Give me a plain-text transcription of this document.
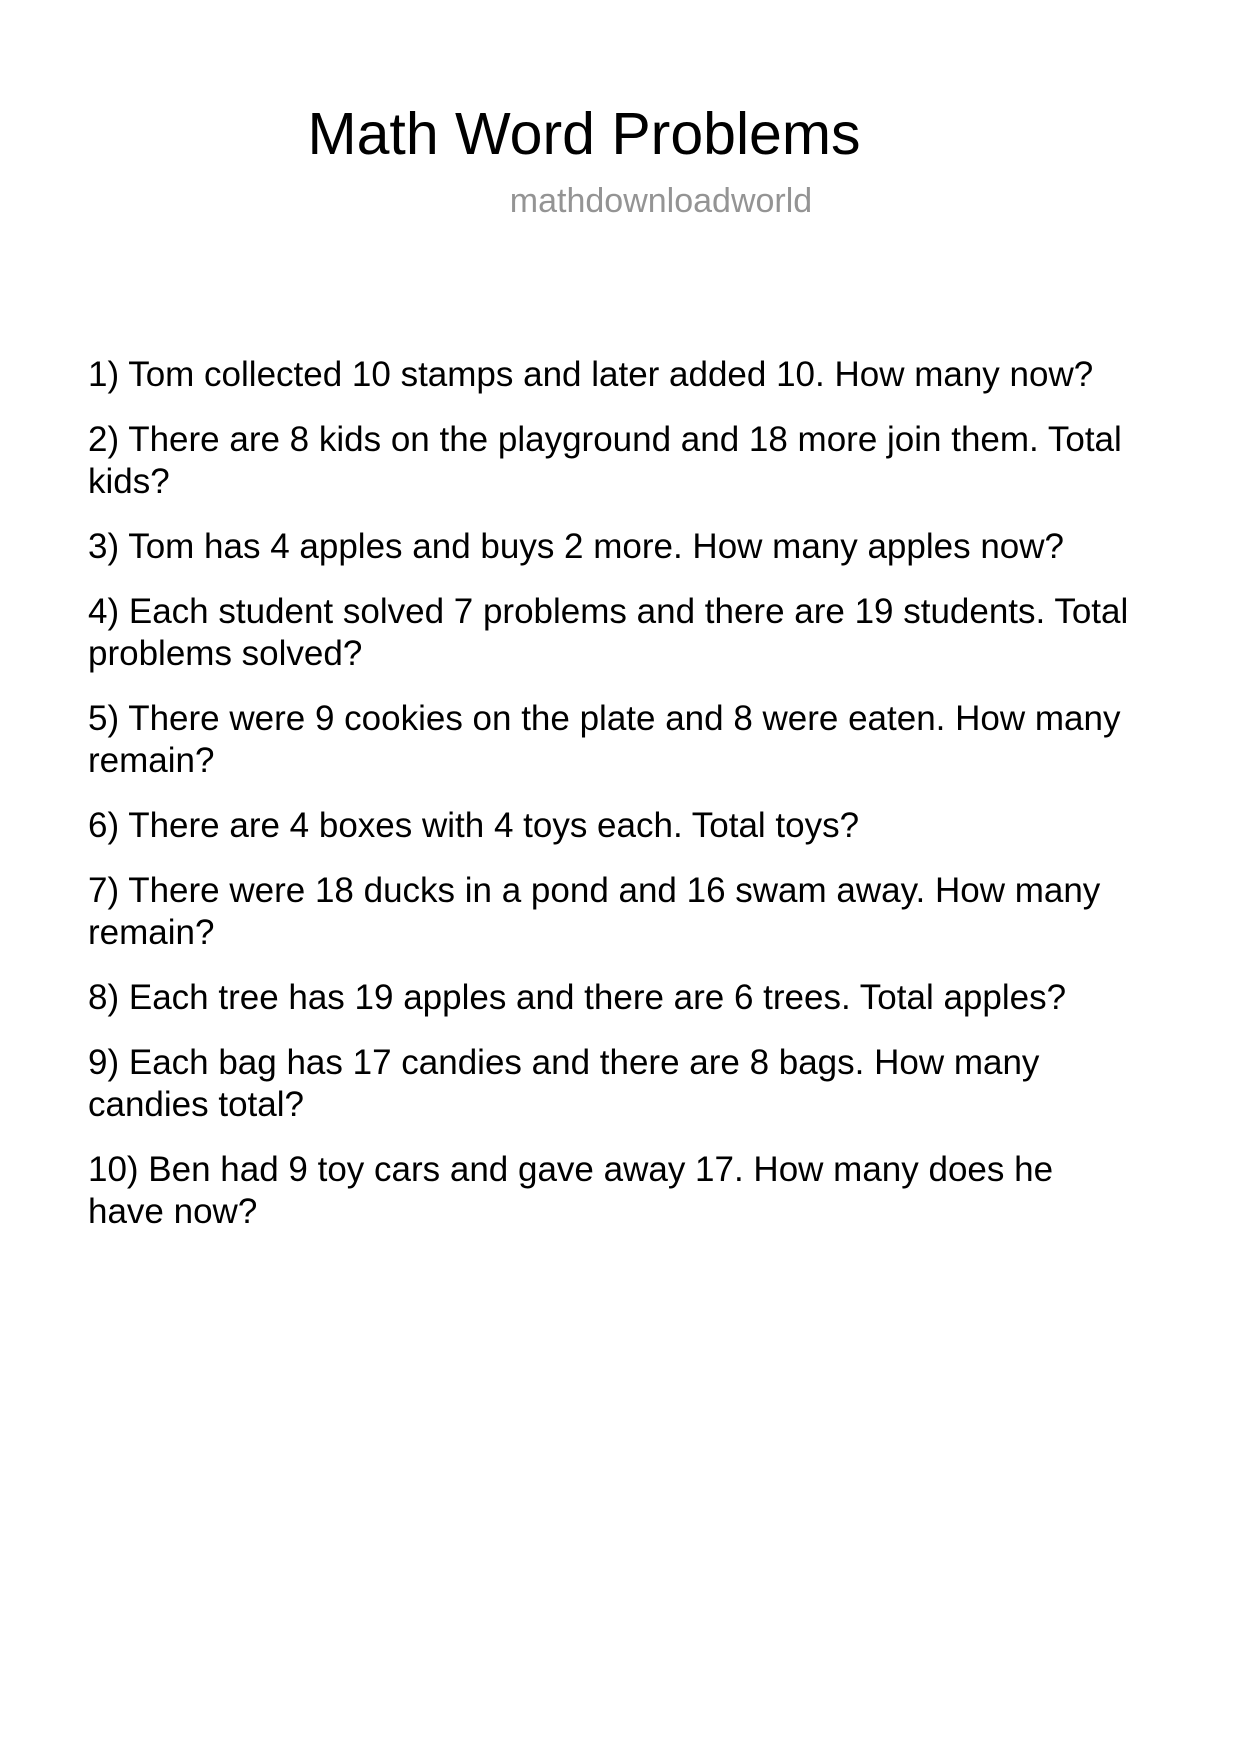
Math Word Problems
mathdownloadworld

1) Tom collected 10 stamps and later added 10. How many now?

2) There are 8 kids on the playground and 18 more join them. Total kids?

3) Tom has 4 apples and buys 2 more. How many apples now?

4) Each student solved 7 problems and there are 19 students. Total problems solved?

5) There were 9 cookies on the plate and 8 were eaten. How many remain?

6) There are 4 boxes with 4 toys each. Total toys?

7) There were 18 ducks in a pond and 16 swam away. How many remain?

8) Each tree has 19 apples and there are 6 trees. Total apples?

9) Each bag has 17 candies and there are 8 bags. How many candies total?

10) Ben had 9 toy cars and gave away 17. How many does he have now?
